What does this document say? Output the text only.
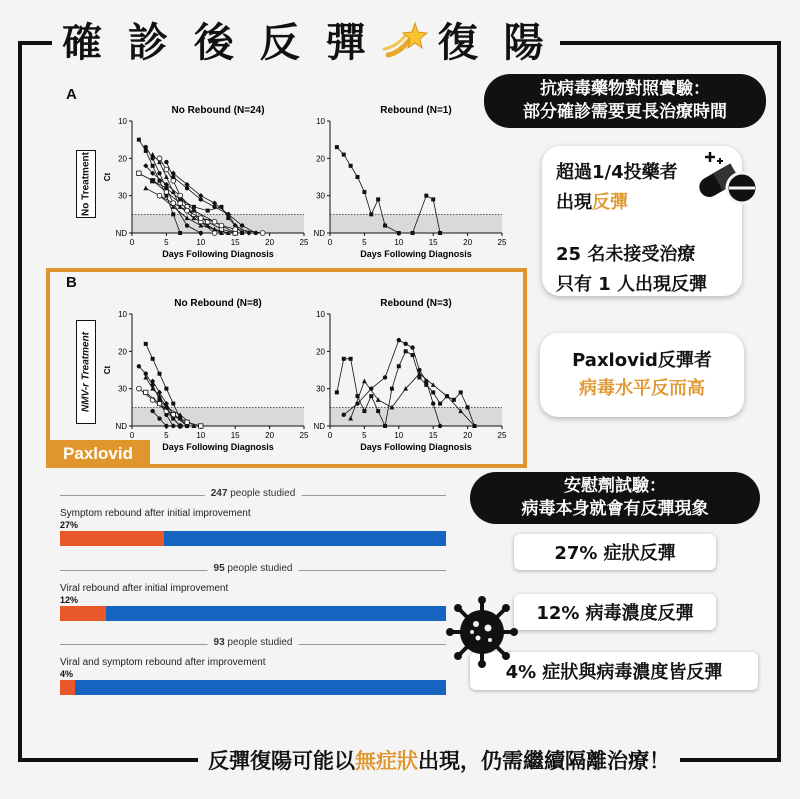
確 診 後 反 彈 復 陽
Paxlovid
A
B
No Treatment
NMV-r Treatment
No Rebound (N=24)
10
20
30
ND
Ct
0	5	10	15	20	25
Days Following Diagnosis
Rebound (N=1)
10
20
30
ND
0	5	10	15	20	25
Days Following Diagnosis
No Rebound (N=8)
10
20
30
ND
Ct
0	5	10	15	20	25
Days Following Diagnosis
Rebound (N=3)
10
20
30
ND
0	5	10	15	20	25
Days Following Diagnosis
247 people studied
Symptom rebound after initial improvement
27%
95 people studied
Viral rebound after initial improvement
12%
93 people studied
Viral and symptom rebound after improvement
4%
抗病毒藥物對照實驗：
部分確診需要更長治療時間
超過1/4投藥者
出現反彈
25 名未接受治療
只有 1 人出現反彈
Paxlovid反彈者
病毒水平反而高
安慰劑試驗：
病毒本身就會有反彈現象
27% 症狀反彈
12% 病毒濃度反彈
4% 症狀與病毒濃度皆反彈
反彈復陽可能以 無症狀 出現，仍需繼續隔離治療！
